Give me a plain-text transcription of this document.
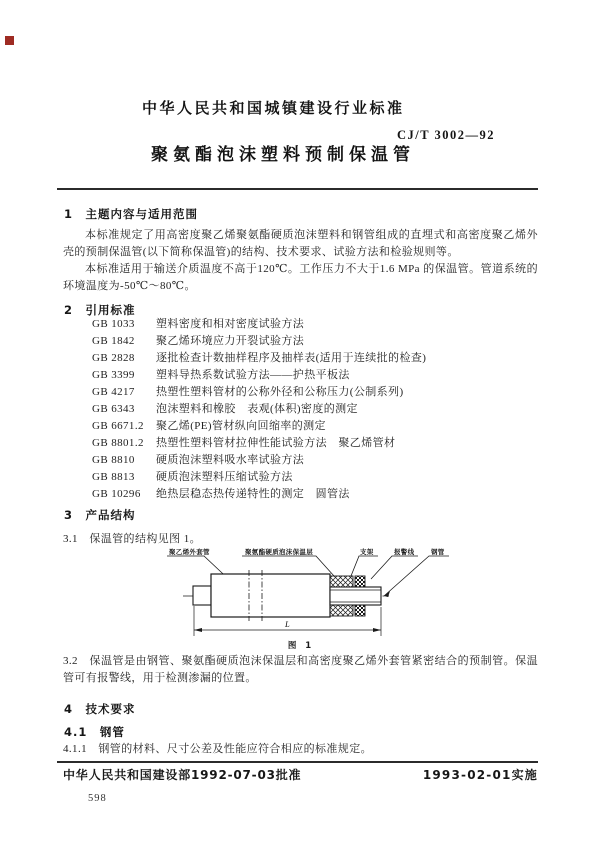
中华人民共和国城镇建设行业标准
CJ/T 3002—92
聚氨酯泡沫塑料预制保温管
1　主题内容与适用范围
本标准规定了用高密度聚乙烯聚氨酯硬质泡沫塑料和钢管组成的直埋式和高密度聚乙烯外壳的预制保温管(以下简称保温管)的结构、技术要求、试验方法和检验规则等。
本标准适用于输送介质温度不高于120℃。工作压力不大于1.6 MPa 的保温管。管道系统的环境温度为-50℃～80℃。
2　引用标准
GB 1033 塑料密度和相对密度试验方法
GB 1842 聚乙烯环境应力开裂试验方法
GB 2828 逐批检查计数抽样程序及抽样表(适用于连续批的检查)
GB 3399 塑料导热系数试验方法——护热平板法
GB 4217 热塑性塑料管材的公称外径和公称压力(公制系列)
GB 6343 泡沫塑料和橡胶　表观(体积)密度的测定
GB 6671.2 聚乙烯(PE)管材纵向回缩率的测定
GB 8801.2 热塑性塑料管材拉伸性能试验方法　聚乙烯管材
GB 8810 硬质泡沫塑料吸水率试验方法
GB 8813 硬质泡沫塑料压缩试验方法
GB 10296 绝热层稳态热传递特性的测定　圆管法
3　产品结构
3.1　保温管的结构见图 1。
聚乙烯外套管	聚氨酯硬质泡沫保温层	支架	报警线	钢管
L
图 1
3.2　保温管是由钢管、聚氨酯硬质泡沫保温层和高密度聚乙烯外套管紧密结合的预制管。保温管可有报警线，用于检测渗漏的位置。
4　技术要求
4.1　钢管
4.1.1　钢管的材料、尺寸公差及性能应符合相应的标准规定。
中华人民共和国建设部1992-07-03批准	1993-02-01实施
598
